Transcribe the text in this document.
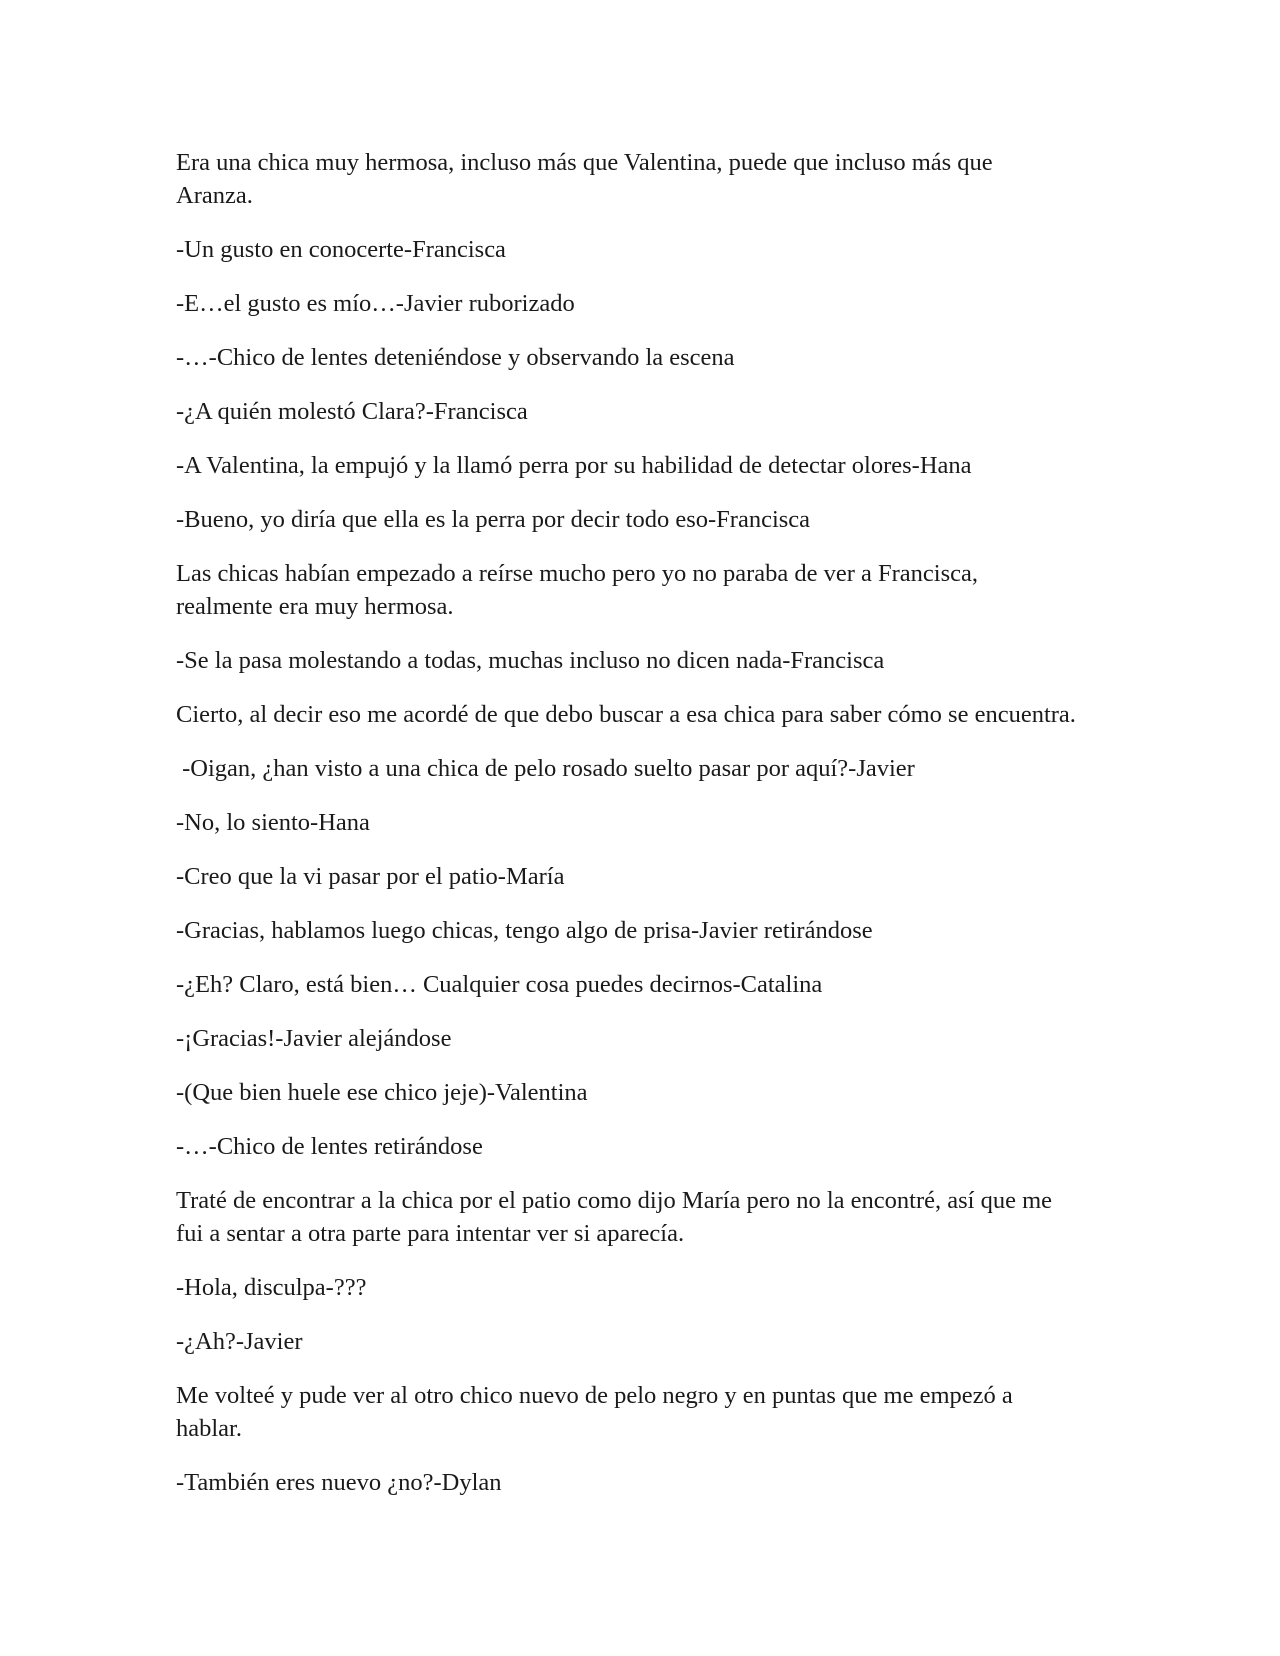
Era una chica muy hermosa, incluso más que Valentina, puede que incluso más que
Aranza.

-Un gusto en conocerte-Francisca

-E…el gusto es mío…-Javier ruborizado

-…-Chico de lentes deteniéndose y observando la escena

-¿A quién molestó Clara?-Francisca

-A Valentina, la empujó y la llamó perra por su habilidad de detectar olores-Hana

-Bueno, yo diría que ella es la perra por decir todo eso-Francisca

Las chicas habían empezado a reírse mucho pero yo no paraba de ver a Francisca,
realmente era muy hermosa.

-Se la pasa molestando a todas, muchas incluso no dicen nada-Francisca

Cierto, al decir eso me acordé de que debo buscar a esa chica para saber cómo se encuentra.

-Oigan, ¿han visto a una chica de pelo rosado suelto pasar por aquí?-Javier

-No, lo siento-Hana

-Creo que la vi pasar por el patio-María

-Gracias, hablamos luego chicas, tengo algo de prisa-Javier retirándose

-¿Eh? Claro, está bien… Cualquier cosa puedes decirnos-Catalina

-¡Gracias!-Javier alejándose

-(Que bien huele ese chico jeje)-Valentina

-…-Chico de lentes retirándose

Traté de encontrar a la chica por el patio como dijo María pero no la encontré, así que me
fui a sentar a otra parte para intentar ver si aparecía.

-Hola, disculpa-???

-¿Ah?-Javier

Me volteé y pude ver al otro chico nuevo de pelo negro y en puntas que me empezó a
hablar.

-También eres nuevo ¿no?-Dylan
